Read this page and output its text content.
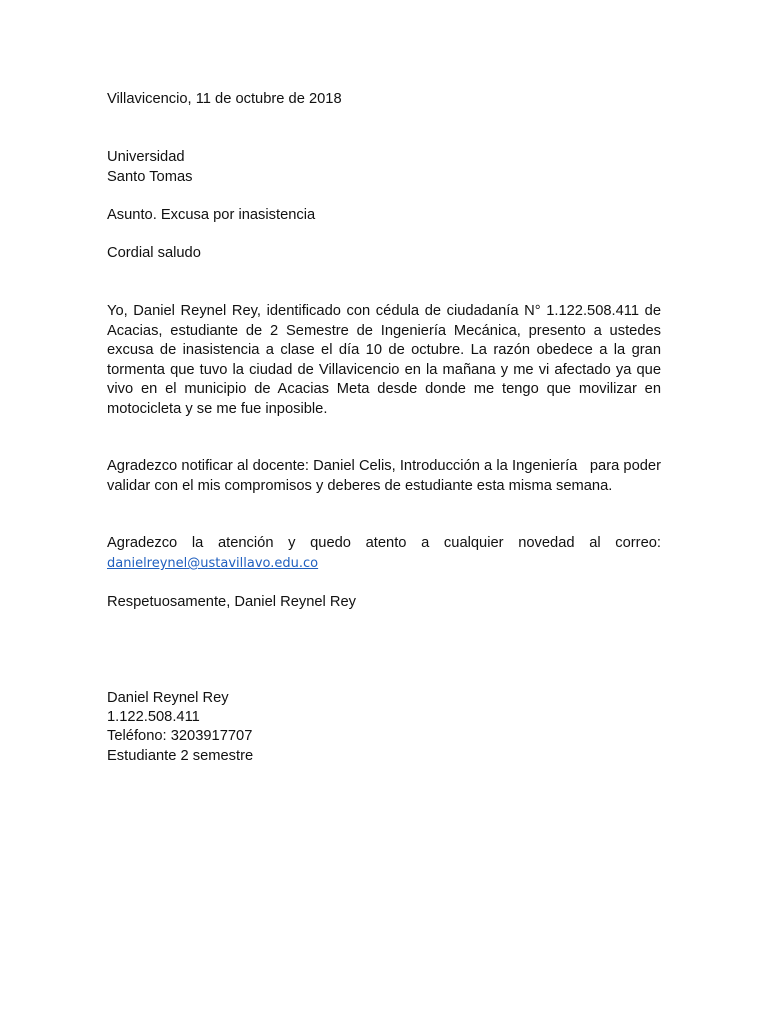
Villavicencio, 11 de octubre de 2018
Universidad
Santo Tomas
Asunto. Excusa por inasistencia
Cordial saludo
Yo, Daniel Reynel Rey, identificado con cédula de ciudadanía N° 1.122.508.411 de Acacias, estudiante de 2 Semestre de Ingeniería Mecánica, presento a ustedes excusa de inasistencia a clase el día 10 de octubre. La razón obedece a la gran tormenta que tuvo la ciudad de Villavicencio en la mañana y me vi afectado ya que vivo en el municipio de Acacias Meta desde donde me tengo que movilizar en motocicleta y se me fue inposible.
Agradezco notificar al docente: Daniel Celis, Introducción a la Ingeniería   para poder validar con el mis compromisos y deberes de estudiante esta misma semana.
Agradezco la atención y quedo atento a cualquier novedad al correo:
danielreynel@ustavillavo.edu.co
Respetuosamente, Daniel Reynel Rey
Daniel Reynel Rey
1.122.508.411
Teléfono: 3203917707
Estudiante 2 semestre
